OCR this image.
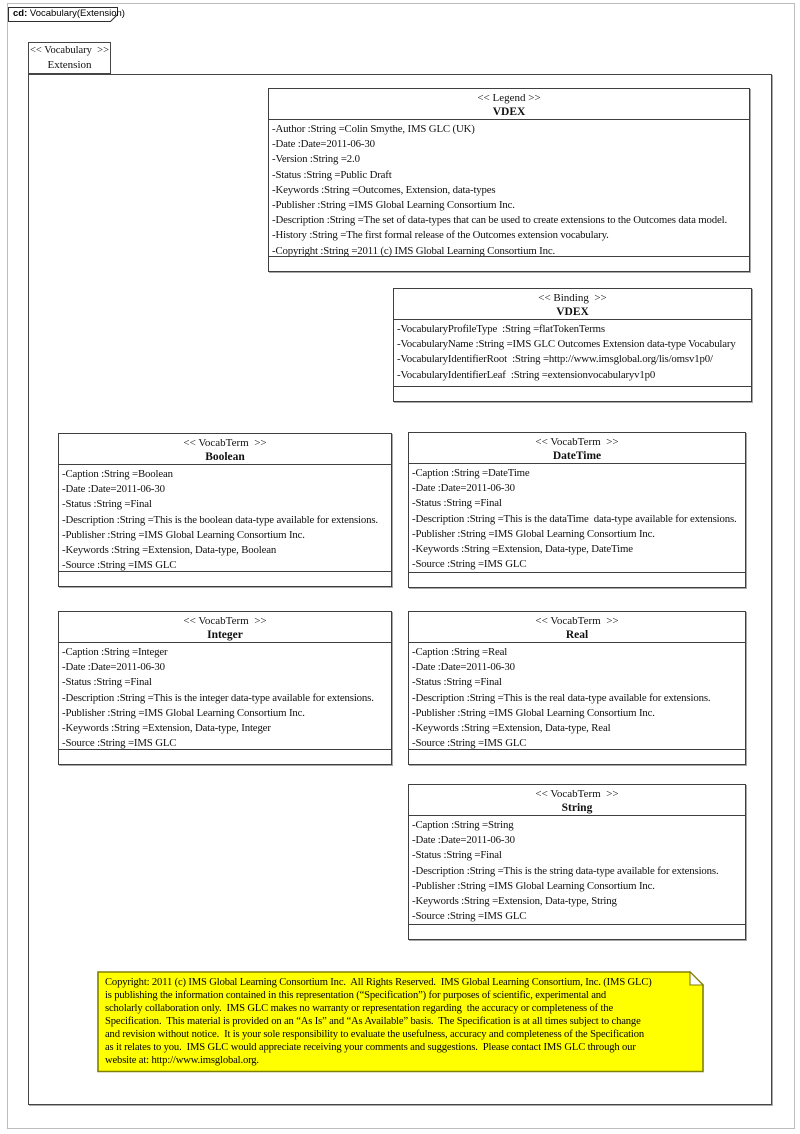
cd: Vocabulary(Extension)
<< Vocabulary  >>
Extension
<< Legend >>
VDEX
-Author :String =Colin Smythe, IMS GLC (UK)
-Date :Date=2011-06-30
-Version :String =2.0
-Status :String =Public Draft
-Keywords :String =Outcomes, Extension, data-types
-Publisher :String =IMS Global Learning Consortium Inc.
-Description :String =The set of data-types that can be used to create extensions to the Outcomes data model.
-History :String =The first formal release of the Outcomes extension vocabulary.
-Copyright :String =2011 (c) IMS Global Learning Consortium Inc.
<< Binding  >>
VDEX
-VocabularyProfileType  :String =flatTokenTerms
-VocabularyName :String =IMS GLC Outcomes Extension data-type Vocabulary
-VocabularyIdentifierRoot  :String =http://www.imsglobal.org/lis/omsv1p0/
-VocabularyIdentifierLeaf  :String =extensionvocabularyv1p0
<< VocabTerm  >>
Boolean
-Caption :String =Boolean
-Date :Date=2011-06-30
-Status :String =Final
-Description :String =This is the boolean data-type available for extensions.
-Publisher :String =IMS Global Learning Consortium Inc.
-Keywords :String =Extension, Data-type, Boolean
-Source :String =IMS GLC
<< VocabTerm  >>
DateTime
-Caption :String =DateTime
-Date :Date=2011-06-30
-Status :String =Final
-Description :String =This is the dataTime  data-type available for extensions.
-Publisher :String =IMS Global Learning Consortium Inc.
-Keywords :String =Extension, Data-type, DateTime
-Source :String =IMS GLC
<< VocabTerm  >>
Integer
-Caption :String =Integer
-Date :Date=2011-06-30
-Status :String =Final
-Description :String =This is the integer data-type available for extensions.
-Publisher :String =IMS Global Learning Consortium Inc.
-Keywords :String =Extension, Data-type, Integer
-Source :String =IMS GLC
<< VocabTerm  >>
Real
-Caption :String =Real
-Date :Date=2011-06-30
-Status :String =Final
-Description :String =This is the real data-type available for extensions.
-Publisher :String =IMS Global Learning Consortium Inc.
-Keywords :String =Extension, Data-type, Real
-Source :String =IMS GLC
<< VocabTerm  >>
String
-Caption :String =String
-Date :Date=2011-06-30
-Status :String =Final
-Description :String =This is the string data-type available for extensions.
-Publisher :String =IMS Global Learning Consortium Inc.
-Keywords :String =Extension, Data-type, String
-Source :String =IMS GLC
Copyright: 2011 (c) IMS Global Learning Consortium Inc.  All Rights Reserved.  IMS Global Learning Consortium, Inc. (IMS GLC)
is publishing the information contained in this representation (“Specification”) for purposes of scientific, experimental and
scholarly collaboration only.  IMS GLC makes no warranty or representation regarding  the accuracy or completeness of the
Specification.  This material is provided on an “As Is” and “As Available” basis.  The Specification is at all times subject to change
and revision without notice.  It is your sole responsibility to evaluate the usefulness, accuracy and completeness of the Specification
as it relates to you.  IMS GLC would appreciate receiving your comments and suggestions.  Please contact IMS GLC through our
website at: http://www.imsglobal.org.
